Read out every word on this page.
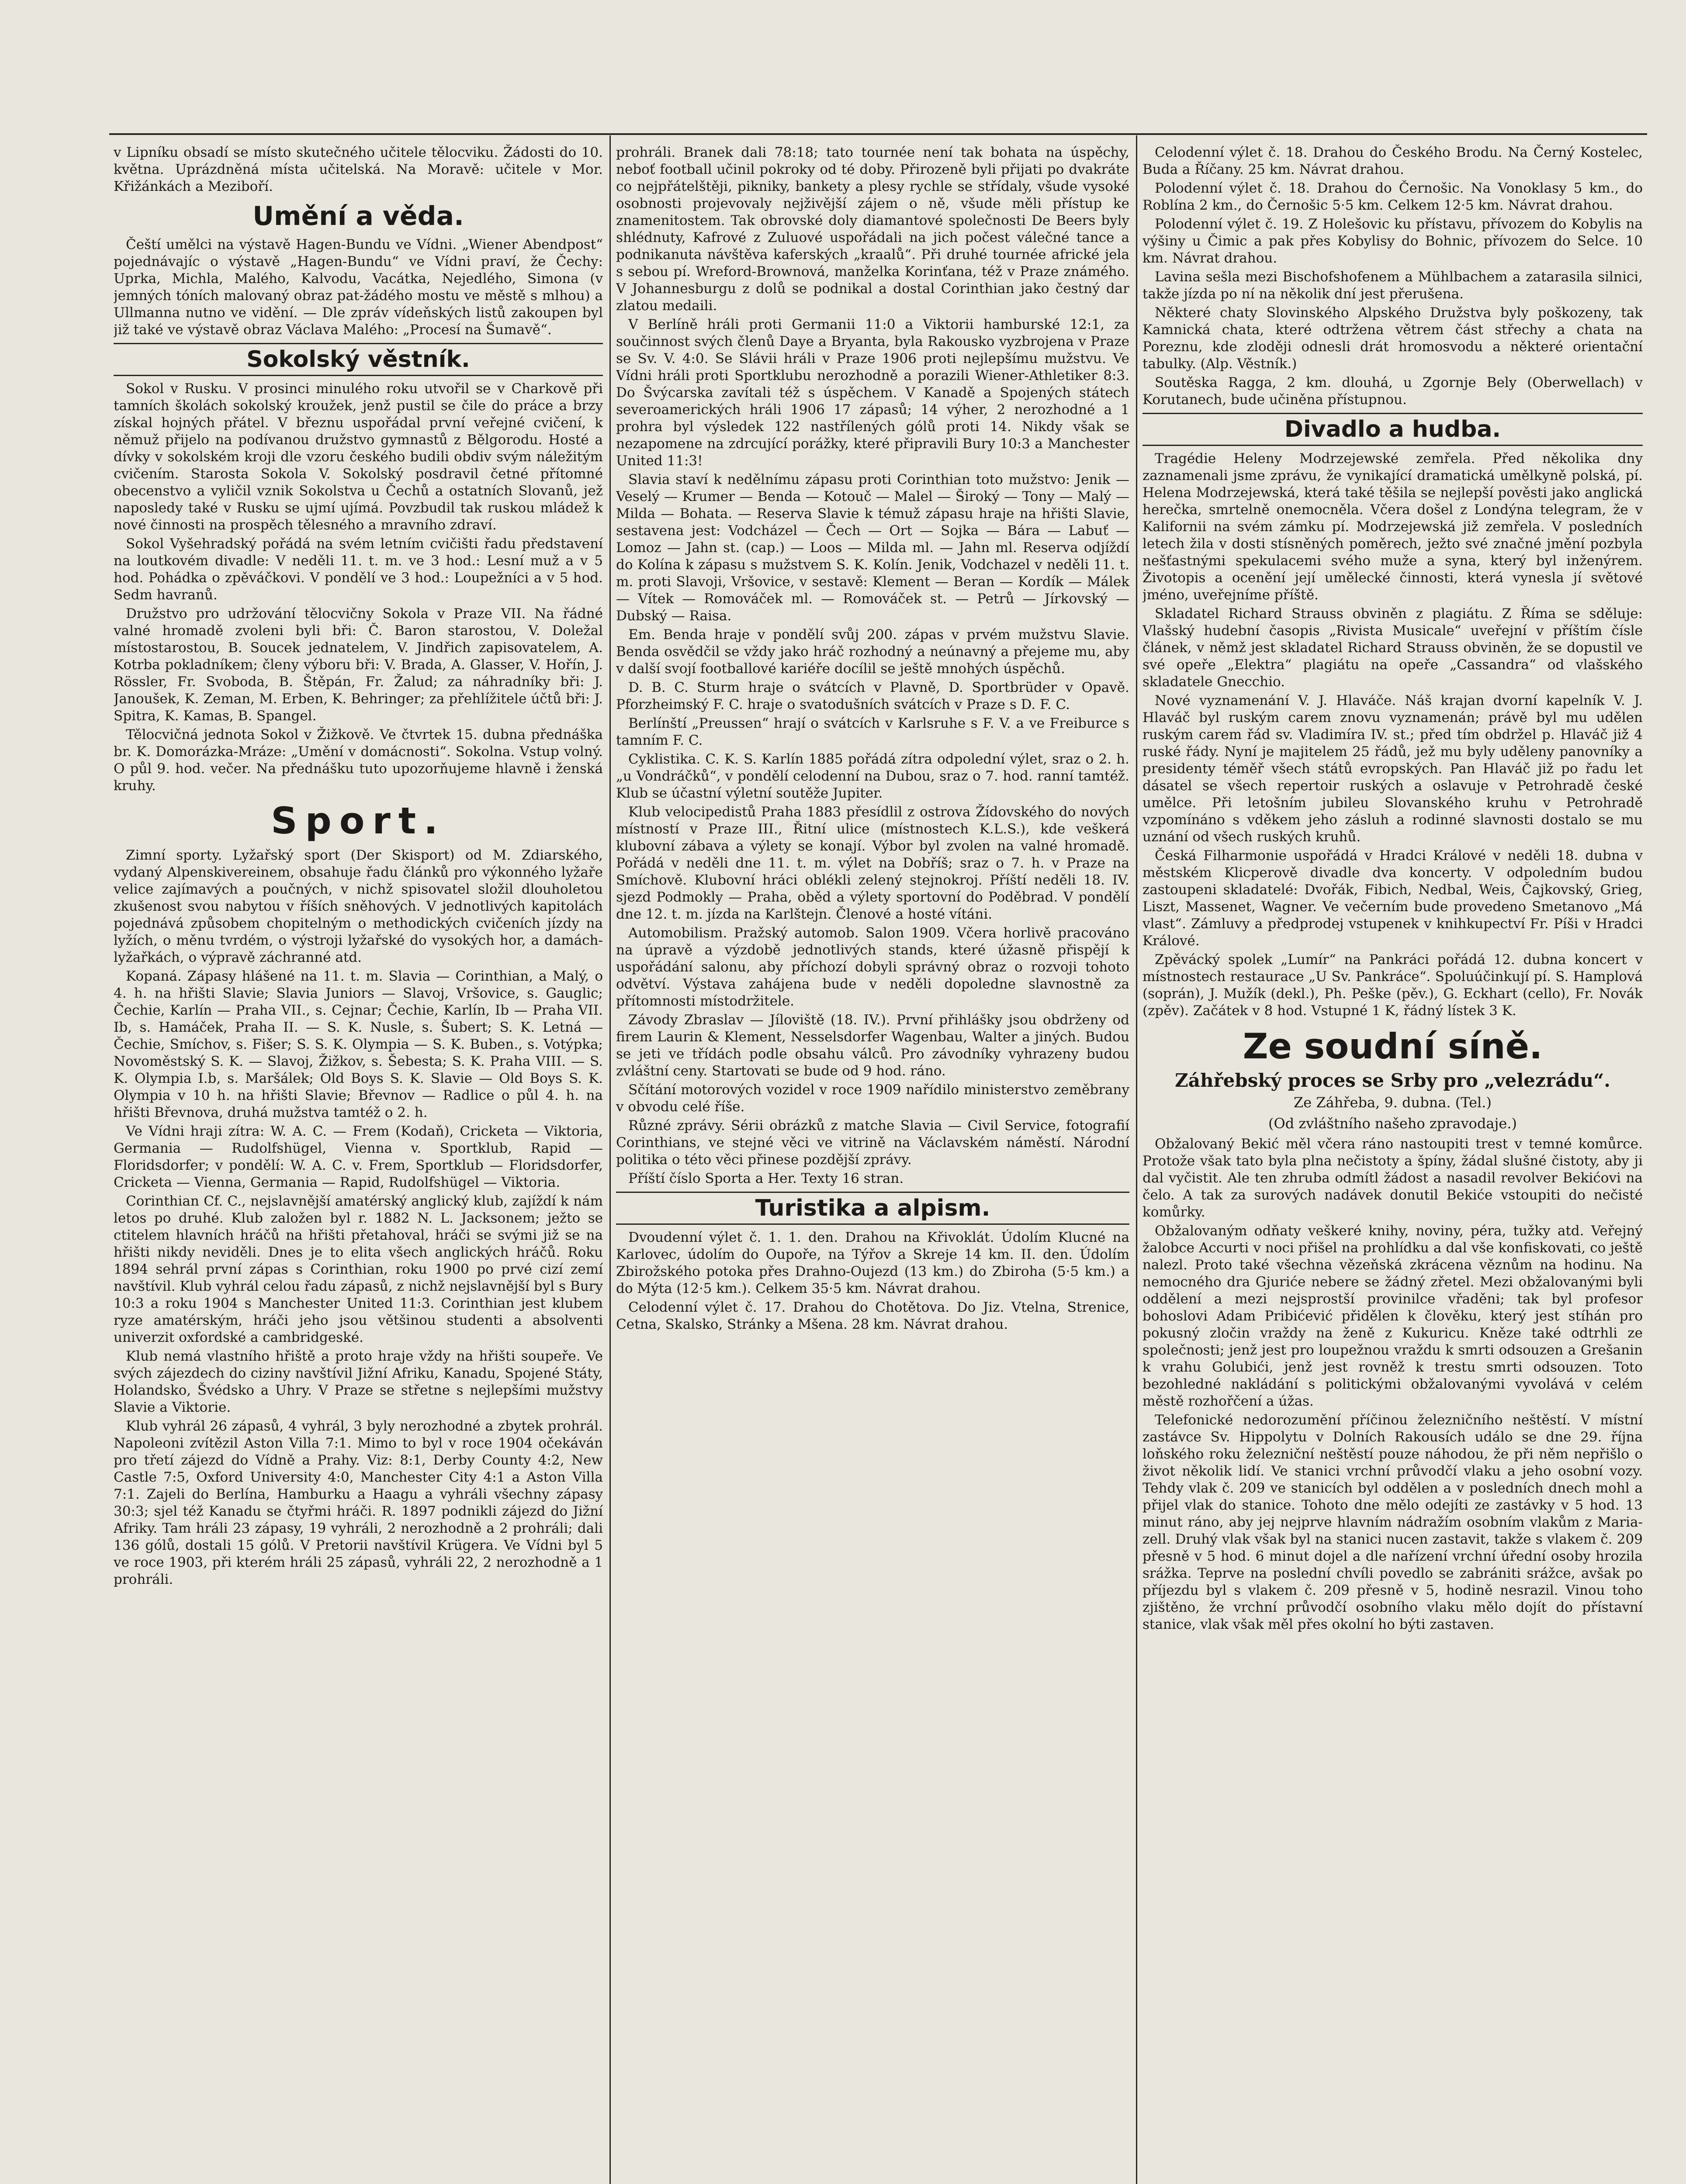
v Lipníku obsadí se místo skutečného učitele tělocviku. Žádosti do 10. května. Uprázdněná místa učitelská. Na Moravě: učitele v Mor. Křižánkách a Meziboří.

Umění a věda.

Čeští umělci na výstavě Hagen-Bundu ve Vídni. „Wiener Abendpost“ pojednávajíc o výstavě „Hagen-Bundu“ ve Vídni praví, že Čechy: Uprka, Michla, Malého, Kalvodu, Vacátka, Nejedlého, Simona (v jemných tóních malovaný obraz pat-žádého mostu ve městě s mlhou) a Ullmanna nutno ve vidění. — Dle zpráv vídeňských listů zakoupen byl již také ve výstavě obraz Václava Malého: „Procesí na Šumavě“.

Sokolský věstník.

Sokol v Rusku. V prosinci minulého roku utvořil se v Charkově při tamních školách sokolský kroužek, jenž pustil se čile do práce a brzy získal hojných přátel. V březnu uspořádal první veřejné cvičení, k němuž přijelo na podívanou družstvo gymnastů z Bělgorodu. Hosté a dívky v sokolském kroji dle vzoru českého budili obdiv svým náležitým cvičením. Starosta Sokola V. Sokolský posdravil četné přítomné obecenstvo a vyličil vznik Sokolstva u Čechů a ostatních Slovanů, jež naposledy také v Rusku se ujmí ujímá. Povzbudil tak ruskou mládež k nové činnosti na prospěch tělesného a mravního zdraví.

Sokol Vyšehradský pořádá na svém letním cvičišti řadu představení na loutkovém divadle: V neděli 11. t. m. ve 3 hod.: Lesní muž a v 5 hod. Pohádka o zpěváčkovi. V pondělí ve 3 hod.: Loupežníci a v 5 hod. Sedm havranů.

Družstvo pro udržování tělocvičny Sokola v Praze VII. Na řádné valné hromadě zvoleni byli bři: Č. Baron starostou, V. Doležal místostarostou, B. Soucek jednatelem, V. Jindřich zapisovatelem, A. Kotrba pokladníkem; členy výboru bři: V. Brada, A. Glasser, V. Hořín, J. Rössler, Fr. Svoboda, B. Štěpán, Fr. Žalud; za náhradníky bři: J. Janoušek, K. Zeman, M. Erben, K. Behringer; za přehlížitele účtů bři: J. Spitra, K. Kamas, B. Spangel.

Tělocvičná jednota Sokol v Žižkově. Ve čtvrtek 15. dubna přednáška br. K. Domorázka-Mráze: „Umění v domácnosti“. Sokolna. Vstup volný. O půl 9. hod. večer. Na přednášku tuto upozorňujeme hlavně i ženská kruhy.

Sport.

Zimní sporty. Lyžařský sport (Der Skisport) od M. Zdiarského, vydaný Alpenskivereinem, obsahuje řadu článků pro výkonného lyžaře velice zajímavých a poučných, v nichž spisovatel složil dlouholetou zkušenost svou nabytou v říších sněhových. V jednotlivých kapitolách pojednává způsobem chopitelným o methodických cvičeních jízdy na lyžích, o měnu tvrdém, o výstroji lyžařské do vysokých hor, a damách-lyžařkách, o výpravě záchranné atd.

Kopaná. Zápasy hlášené na 11. t. m. Slavia — Corinthian, a Malý, o 4. h. na hřišti Slavie; Slavia Juniors — Slavoj, Vršovice, s. Gauglic; Čechie, Karlín — Praha VII., s. Cejnar; Čechie, Karlín, Ib — Praha VII. Ib, s. Hamáček, Praha II. — S. K. Nusle, s. Šubert; S. K. Letná — Čechie, Smíchov, s. Fišer; S. S. K. Olympia — S. K. Buben., s. Votýpka; Novoměstský S. K. — Slavoj, Žižkov, s. Šebesta; S. K. Praha VIII. — S. K. Olympia I.b, s. Maršálek; Old Boys S. K. Slavie — Old Boys S. K. Olympia v 10 h. na hřišti Slavie; Břevnov — Radlice o půl 4. h. na hřišti Břevnova, druhá mužstva tamtéž o 2. h.

Ve Vídni hraji zítra: W. A. C. — Frem (Kodaň), Cricketa — Viktoria, Germania — Rudolfshügel, Vienna v. Sportklub, Rapid — Floridsdorfer; v pondělí: W. A. C. v. Frem, Sportklub — Floridsdorfer, Cricketa — Vienna, Germania — Rapid, Rudolfshügel — Viktoria.

Corinthian Cf. C., nejslavnější amatérský anglický klub, zajíždí k nám letos po druhé. Klub založen byl r. 1882 N. L. Jacksonem; ježto se ctitelem hlavních hráčů na hřišti přetahoval, hráči se svými již se na hřišti nikdy neviděli. Dnes je to elita všech anglických hráčů. Roku 1894 sehrál první zápas s Corinthian, roku 1900 po prvé cizí zemí navštívil. Klub vyhrál celou řadu zápasů, z nichž nejslavnější byl s Bury 10:3 a roku 1904 s Manchester United 11:3. Corinthian jest klubem ryze amatérským, hráči jeho jsou většinou studenti a absolventi univerzit oxfordské a cambridgeské.

Klub nemá vlastního hřiště a proto hraje vždy na hřišti soupeře. Ve svých zájezdech do ciziny navštívil Jižní Afriku, Kanadu, Spojené Státy, Holandsko, Švédsko a Uhry. V Praze se střetne s nejlepšími mužstvy Slavie a Viktorie.

Klub vyhrál 26 zápasů, 4 vyhrál, 3 byly nerozhodné a zbytek prohrál. Napoleoni zvítězil Aston Villa 7:1. Mimo to byl v roce 1904 očekáván pro třetí zájezd do Vídně a Prahy. Viz: 8:1, Derby County 4:2, New Castle 7:5, Oxford University 4:0, Manchester City 4:1 a Aston Villa 7:1. Zajeli do Berlína, Hamburku a Haagu a vyhráli všechny zápasy 30:3; sjel též Kanadu se čtyřmi hráči. R. 1897 podnikli zájezd do Jižní Afriky. Tam hráli 23 zápasy, 19 vyhráli, 2 nerozhodně a 2 prohráli; dali 136 gólů, dostali 15 gólů. V Pretorii navštívil Krügera. Ve Vídni byl 5 ve roce 1903, při kterém hráli 25 zápasů, vyhráli 22, 2 nerozhodně a 1 prohráli.

prohráli. Branek dali 78:18; tato tournée není tak bohata na úspěchy, neboť football učinil pokroky od té doby. Přirozeně byli přijati po dvakráte co nejpřátelštěji, pikniky, bankety a plesy rychle se střídaly, všude vysoké osobnosti projevovaly nejživější zájem o ně, všude měli přístup ke znamenitostem. Tak obrovské doly diamantové společnosti De Beers byly shlédnuty, Kafrové z Zuluové uspořádali na jich počest válečné tance a podnikanuta návštěva kaferských „kraalů“. Při druhé tournée africké jela s sebou pí. Wreford-Brownová, manželka Korinťana, též v Praze známého. V Johannesburgu z dolů se podnikal a dostal Corinthian jako čestný dar zlatou medaili.

V Berlíně hráli proti Germanii 11:0 a Viktorii hamburské 12:1, za součinnost svých členů Daye a Bryanta, byla Rakousko vyzbrojena v Praze se Sv. V. 4:0. Se Slávii hráli v Praze 1906 proti nejlepšímu mužstvu. Ve Vídni hráli proti Sportklubu nerozhodně a porazili Wiener-Athletiker 8:3. Do Švýcarska zavítali též s úspěchem. V Kanadě a Spojených státech severoamerických hráli 1906 17 zápasů; 14 výher, 2 nerozhodné a 1 prohra byl výsledek 122 nastřílených gólů proti 14. Nikdy však se nezapomene na zdrcující porážky, které připravili Bury 10:3 a Manchester United 11:3!

Slavia staví k nedělnímu zápasu proti Corinthian toto mužstvo: Jenik — Veselý — Krumer — Benda — Kotouč — Malel — Široký — Tony — Malý — Milda — Bohata. — Reserva Slavie k témuž zápasu hraje na hřišti Slavie, sestavena jest: Vodcházel — Čech — Ort — Sojka — Bára — Labuť — Lomoz — Jahn st. (cap.) — Loos — Milda ml. — Jahn ml. Reserva odjíždí do Kolína k zápasu s mužstvem S. K. Kolín. Jenik, Vodchazel v neděli 11. t. m. proti Slavoji, Vršovice, v sestavě: Klement — Beran — Kordík — Málek — Vítek — Romováček ml. — Romováček st. — Petrů — Jírkovský — Dubský — Raisa.

Em. Benda hraje v pondělí svůj 200. zápas v prvém mužstvu Slavie. Benda osvědčil se vždy jako hráč rozhodný a neúnavný a přejeme mu, aby v další svojí footballové kariéře docílil se ještě mnohých úspěchů.

D. B. C. Sturm hraje o svátcích v Plavně, D. Sportbrüder v Opavě. Pforzheimský F. C. hraje o svatodušních svátcích v Praze s D. F. C.

Berlínští „Preussen“ hrají o svátcích v Karlsruhe s F. V. a ve Freiburce s tamním F. C.

Cyklistika. C. K. S. Karlín 1885 pořádá zítra odpolední výlet, sraz o 2. h. „u Vondráčků“, v pondělí celodenní na Dubou, sraz o 7. hod. ranní tamtéž. Klub se účastní výletní soutěže Jupiter.

Klub velocipedistů Praha 1883 přesídlil z ostrova Žídovského do nových místností v Praze III., Řitní ulice (místnostech K.L.S.), kde veškerá klubovní zábava a výlety se konají. Výbor byl zvolen na valné hromadě. Pořádá v neděli dne 11. t. m. výlet na Dobříš; sraz o 7. h. v Praze na Smíchově. Klubovní hráci oblékli zelený stejnokroj. Příští neděli 18. IV. sjezd Podmokly — Praha, oběd a výlety sportovní do Poděbrad. V pondělí dne 12. t. m. jízda na Karlštejn. Členové a hosté vítáni.

Automobilism. Pražský automob. Salon 1909. Včera horlivě pracováno na úpravě a výzdobě jednotlivých stands, které úžasně přispějí k uspořádání salonu, aby příchozí dobyli správný obraz o rozvoji tohoto odvětví. Výstava zahájena bude v neděli dopoledne slavnostně za přítomnosti místodržitele.

Závody Zbraslav — Jíloviště (18. IV.). První přihlášky jsou obdrženy od firem Laurin & Klement, Nesselsdorfer Wagenbau, Walter a jiných. Budou se jeti ve třídách podle obsahu válců. Pro závodníky vyhrazeny budou zvláštní ceny. Startovati se bude od 9 hod. ráno.

Sčítání motorových vozidel v roce 1909 nařídilo ministerstvo zeměbrany v obvodu celé říše.

Různé zprávy. Sérii obrázků z matche Slavia — Civil Service, fotografií Corinthians, ve stejné věci ve vitrině na Václavském náměstí. Národní politika o této věci přinese pozdější zprávy.

Příští číslo Sporta a Her. Texty 16 stran.

Turistika a alpism.

Dvoudenní výlet č. 1. 1. den. Drahou na Křivoklát. Údolím Klucné na Karlovec, údolím do Oupoře, na Týřov a Skreje 14 km. II. den. Údolím Zbirožského potoka přes Drahno-Oujezd (13 km.) do Zbiroha (5·5 km.) a do Mýta (12·5 km.). Celkem 35·5 km. Návrat drahou.

Celodenní výlet č. 17. Drahou do Chotětova. Do Jiz. Vtelna, Strenice, Cetna, Skalsko, Stránky a Mšena. 28 km. Návrat drahou.

Celodenní výlet č. 18. Drahou do Českého Brodu. Na Černý Kostelec, Buda a Říčany. 25 km. Návrat drahou.

Polodenní výlet č. 18. Drahou do Černošic. Na Vonoklasy 5 km., do Roblína 2 km., do Černošic 5·5 km. Celkem 12·5 km. Návrat drahou.

Polodenní výlet č. 19. Z Holešovic ku přístavu, přívozem do Kobylis na výšiny u Čimic a pak přes Kobylisy do Bohnic, přívozem do Selce. 10 km. Návrat drahou.

Lavina sešla mezi Bischofshofenem a Mühlbachem a zatarasila silnici, takže jízda po ní na několik dní jest přerušena.

Některé chaty Slovinského Alpského Družstva byly poškozeny, tak Kamnická chata, které odtržena větrem část střechy a chata na Poreznu, kde zloději odnesli drát hromosvodu a některé orientační tabulky. (Alp. Věstník.)

Soutěska Ragga, 2 km. dlouhá, u Zgornje Bely (Oberwellach) v Korutanech, bude učiněna přístupnou.

Divadlo a hudba.

Tragédie Heleny Modrzejewské zemřela. Před několika dny zaznamenali jsme zprávu, že vynikající dramatická umělkyně polská, pí. Helena Modrzejewská, která také těšila se nejlepší pověsti jako anglická herečka, smrtelně onemocněla. Včera došel z Londýna telegram, že v Kalifornii na svém zámku pí. Modrzejewská již zemřela. V posledních letech žila v dosti stísněných poměrech, ježto své značné jmění pozbyla nešťastnými spekulacemi svého muže a syna, který byl inženýrem. Životopis a ocenění její umělecké činnosti, která vynesla jí světové jméno, uveřejníme příště.

Skladatel Richard Strauss obviněn z plagiátu. Z Říma se sděluje: Vlašský hudební časopis „Rivista Musicale“ uveřejní v příštím čísle článek, v němž jest skladatel Richard Strauss obviněn, že se dopustil ve své opeře „Elektra“ plagiátu na opeře „Cassandra“ od vlašského skladatele Gnecchio.

Nové vyznamenání V. J. Hlaváče. Náš krajan dvorní kapelník V. J. Hlaváč byl ruským carem znovu vyznamenán; právě byl mu udělen ruským carem řád sv. Vladimíra IV. st.; před tím obdržel p. Hlaváč již 4 ruské řády. Nyní je majitelem 25 řádů, jež mu byly uděleny panovníky a presidenty téměř všech států evropských. Pan Hlaváč již po řadu let dásatel se všech repertoir ruských a oslavuje v Petrohradě české umělce. Při letošním jubileu Slovanského kruhu v Petrohradě vzpomínáno s vděkem jeho zásluh a rodinné slavnosti dostalo se mu uznání od všech ruských kruhů.

Česká Filharmonie uspořádá v Hradci Králové v neděli 18. dubna v městském Klicperově divadle dva koncerty. V odpoledním budou zastoupeni skladatelé: Dvořák, Fibich, Nedbal, Weis, Čajkovský, Grieg, Liszt, Massenet, Wagner. Ve večerním bude provedeno Smetanovo „Má vlast“. Zámluvy a předprodej vstupenek v knihkupectví Fr. Píši v Hradci Králové.

Zpěvácký spolek „Lumír“ na Pankráci pořádá 12. dubna koncert v místnostech restaurace „U Sv. Pankráce“. Spoluúčinkují pí. S. Hamplová (soprán), J. Mužík (dekl.), Ph. Peške (pěv.), G. Eckhart (cello), Fr. Novák (zpěv). Začátek v 8 hod. Vstupné 1 K, řádný lístek 3 K.

Ze soudní síně.
Záhřebský proces se Srby pro „velezrádu“.
Ze Záhřeba, 9. dubna. (Tel.)
(Od zvláštního našeho zpravodaje.)

Obžalovaný Bekić měl včera ráno nastoupiti trest v temné komůrce. Protože však tato byla plna nečistoty a špíny, žádal slušné čistoty, aby ji dal vyčistit. Ale ten zhruba odmítl žádost a nasadil revolver Bekićovi na čelo. A tak za surových nadávek donutil Bekiće vstoupiti do nečisté komůrky.

Obžalovaným odňaty veškeré knihy, noviny, péra, tužky atd. Veřejný žalobce Accurti v noci přišel na prohlídku a dal vše konfiskovati, co ještě nalezl. Proto také všechna vězeňská zkrácena věznům na hodinu. Na nemocného dra Gjuriće nebere se žádný zřetel. Mezi obžalovanými byli oddělení a mezi nejsprostší provinilce vřaděni; tak byl profesor bohoslovi Adam Pribićević přidělen k člověku, který jest stíhán pro pokusný zločin vraždy na ženě z Kukuricu. Kněze také odtrhli ze společnosti; jenž jest pro loupežnou vraždu k smrti odsouzen a Grešanin k vrahu Golubići, jenž jest rovněž k trestu smrti odsouzen. Toto bezohledné nakládání s politickými obžalovanými vyvolává v celém městě rozhořčení a úžas.

Telefonické nedorozumění příčinou železničního neštěstí. V místní zastávce Sv. Hippolytu v Dolních Rakousích událo se dne 29. října loňského roku železniční neštěstí pouze náhodou, že při něm nepřišlo o život několik lidí. Ve stanici vrchní průvodčí vlaku a jeho osobní vozy. Tehdy vlak č. 209 ve stanicích byl oddělen a v posledních dnech mohl a přijel vlak do stanice. Tohoto dne mělo odejíti ze zastávky v 5 hod. 13 minut ráno, aby jej nejprve hlavním nádražím osobním vlakům z Mariazell. Druhý vlak však byl na stanici nucen zastavit, takže s vlakem č. 209 přesně v 5 hod. 6 minut dojel a dle nařízení vrchní úřední osoby hrozila srážka. Teprve na poslední chvíli povedlo se zabrániti srážce, avšak po příjezdu byl s vlakem č. 209 přesně v 5, hodině nesrazil. Vinou toho zjištěno, že vrchní průvodčí osobního vlaku mělo dojít do přístavní stanice, vlak však měl přes okolní ho býti zastaven.
